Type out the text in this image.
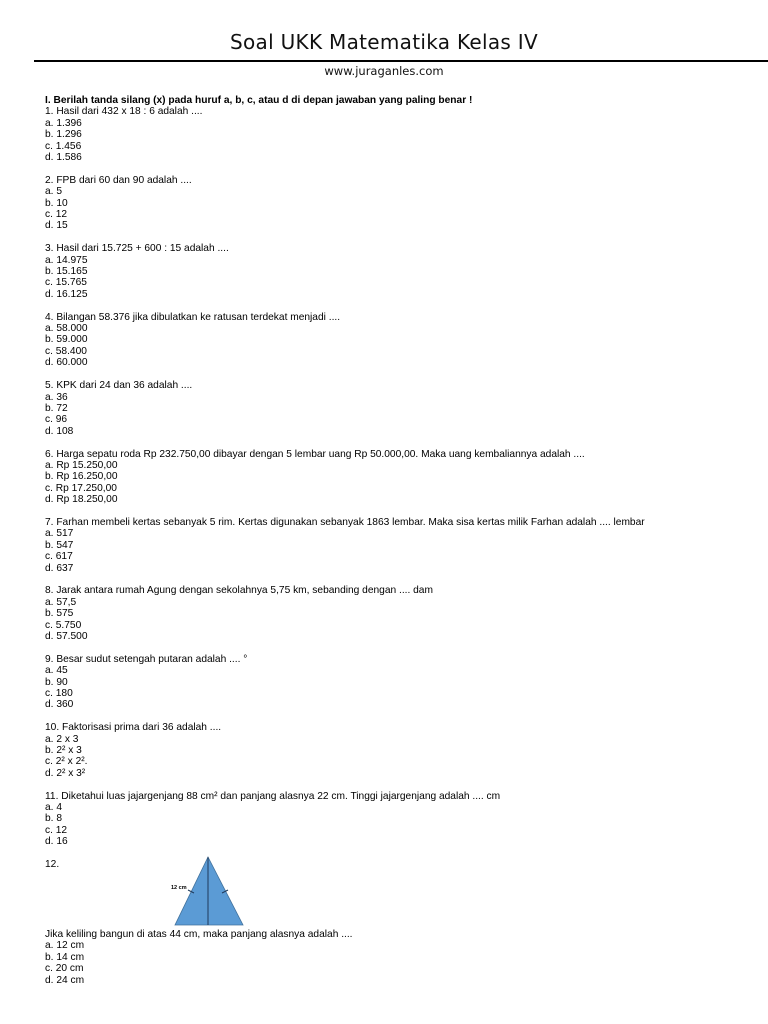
Soal UKK Matematika Kelas IV
www.juraganles.com
I. Berilah tanda silang (x) pada huruf a, b, c, atau d di depan jawaban yang paling benar !
1. Hasil dari 432 x 18 : 6 adalah ....
a. 1.396
b. 1.296
c. 1.456
d. 1.586
2. FPB dari 60 dan 90 adalah ....
a. 5
b. 10
c. 12
d. 15
3. Hasil dari 15.725 + 600 : 15 adalah ....
a. 14.975
b. 15.165
c. 15.765
d. 16.125
4. Bilangan 58.376 jika dibulatkan ke ratusan terdekat menjadi ....
a. 58.000
b. 59.000
c. 58.400
d. 60.000
5. KPK dari 24 dan 36 adalah ....
a. 36
b. 72
c. 96
d. 108
6. Harga sepatu roda Rp 232.750,00 dibayar dengan 5 lembar uang Rp 50.000,00. Maka uang kembaliannya adalah ....
a. Rp 15.250,00
b. Rp 16.250,00
c. Rp 17.250,00
d. Rp 18.250,00
7. Farhan membeli kertas sebanyak 5 rim. Kertas digunakan sebanyak 1863 lembar. Maka sisa kertas milik Farhan adalah .... lembar
a. 517
b. 547
c. 617
d. 637
8. Jarak antara rumah Agung dengan sekolahnya 5,75 km, sebanding dengan .... dam
a. 57,5
b. 575
c. 5.750
d. 57.500
9. Besar sudut setengah putaran adalah .... °
a. 45
b. 90
c. 180
d. 360
10. Faktorisasi prima dari 36 adalah ....
a. 2 x 3
b. 2² x 3
c. 2² x 2².
d. 2² x 3²
11. Diketahui luas jajargenjang 88 cm² dan panjang alasnya 22 cm. Tinggi jajargenjang adalah .... cm
a. 4
b. 8
c. 12
d. 16
12.
12 cm
Jika keliling bangun di atas 44 cm, maka panjang alasnya adalah ....
a. 12 cm
b. 14 cm
c. 20 cm
d. 24 cm
